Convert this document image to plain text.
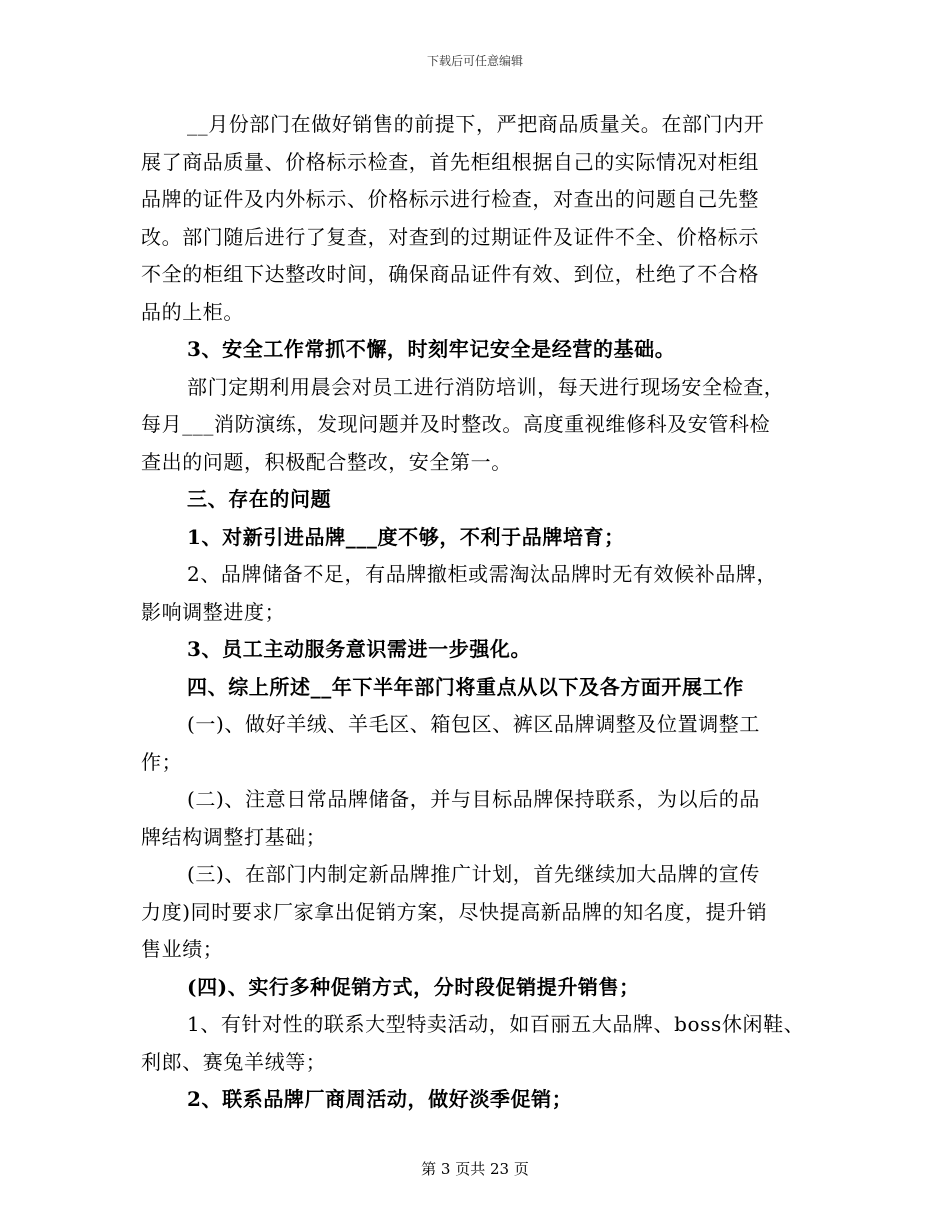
下载后可任意编辑
__月份部门在做好销售的前提下，严把商品质量关。在部门内开
展了商品质量、价格标示检查，首先柜组根据自己的实际情况对柜组
品牌的证件及内外标示、价格标示进行检查，对查出的问题自己先整
改。部门随后进行了复查，对查到的过期证件及证件不全、价格标示
不全的柜组下达整改时间，确保商品证件有效、到位，杜绝了不合格
品的上柜。
3、安全工作常抓不懈，时刻牢记安全是经营的基础。
部门定期利用晨会对员工进行消防培训，每天进行现场安全检查，
每月___消防演练，发现问题并及时整改。高度重视维修科及安管科检
查出的问题，积极配合整改，安全第一。
三、存在的问题
1、对新引进品牌___度不够，不利于品牌培育；
2、品牌储备不足，有品牌撤柜或需淘汰品牌时无有效候补品牌，
影响调整进度；
3、员工主动服务意识需进一步强化。
四、综上所述__年下半年部门将重点从以下及各方面开展工作
(一)、做好羊绒、羊毛区、箱包区、裤区品牌调整及位置调整工
作；
(二)、注意日常品牌储备，并与目标品牌保持联系，为以后的品
牌结构调整打基础；
(三)、在部门内制定新品牌推广计划，首先继续加大品牌的宣传
力度)同时要求厂家拿出促销方案，尽快提高新品牌的知名度，提升销
售业绩；
(四)、实行多种促销方式，分时段促销提升销售；
1、有针对性的联系大型特卖活动，如百丽五大品牌、boss休闲鞋、
利郎、赛兔羊绒等；
2、联系品牌厂商周活动，做好淡季促销；
第 3 页共 23 页
